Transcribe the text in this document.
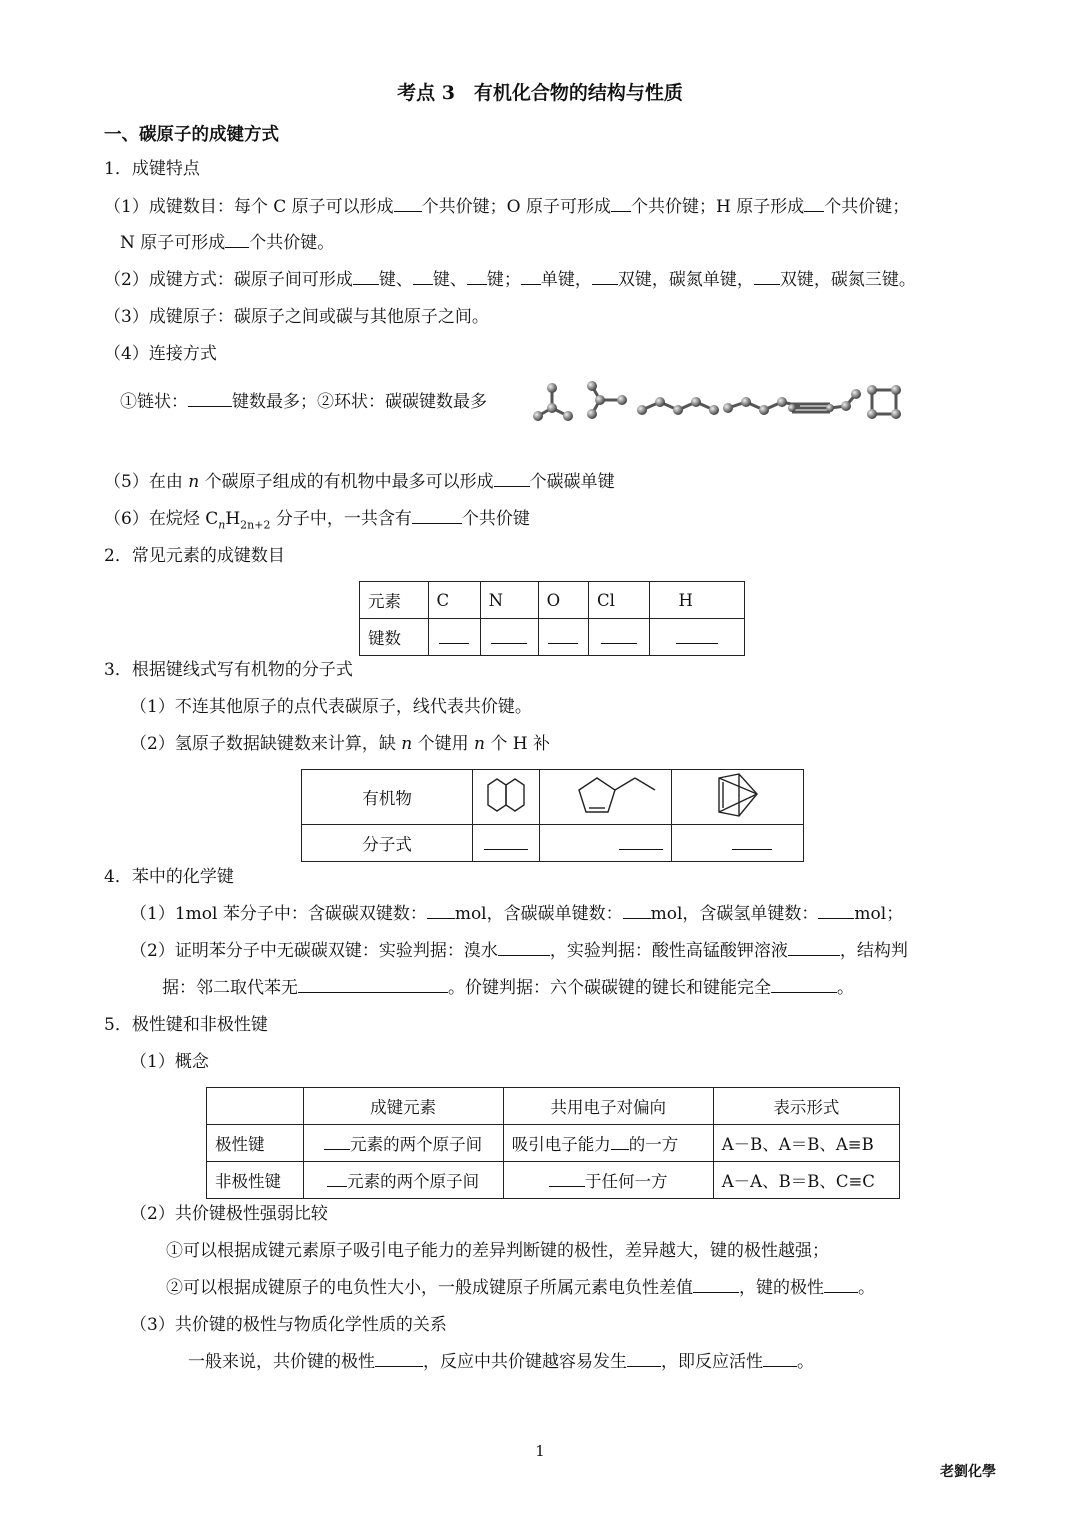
考点 3　有机化合物的结构与性质
一、碳原子的成键方式
1．成键特点
（1）成键数目：每个 C 原子可以形成 个共价键；O 原子可形成 个共价键；H 原子形成 个共价键；
N 原子可形成 个共价键。
（2）成键方式：碳原子间可形成 键、 键、 键； 单键， 双键，碳氮单键， 双键，碳氮三键。
（3）成键原子：碳原子之间或碳与其他原子之间。
（4）连接方式
①链状：	键数最多；②环状：碳碳键数最多
（5）在由 n 个碳原子组成的有机物中最多可以形成 个碳碳单键
（6）在烷烃 $C_nH_{2n+2}$ 分子中，一共含有	个共价键
2．常见元素的成键数目
元素	C	N	O	Cl	H
键数					
3．根据键线式写有机物的分子式
（1）不连其他原子的点代表碳原子，线代表共价键。
（2）氢原子数据缺键数来计算，缺 n 个键用 n 个 H 补
有机物			
分子式			
4．苯中的化学键
（1）1mol 苯分子中：含碳碳双键数： mol，含碳碳单键数： mol，含碳氢单键数： mol；
（2）证明苯分子中无碳碳双键：实验判据：溴水	，实验判据：酸性高锰酸钾溶液	，结构判
据：邻二取代苯无	。价键判据：六个碳碳键的键长和键能完全	。
5．极性键和非极性键
（1）概念
	成键元素	共用电子对偏向	表示形式
极性键	元素的两个原子间	吸引电子能力 的一方	A－B、A＝B、A≡B
非极性键	元素的两个原子间	于任何一方	A－A、B＝B、C≡C
（2）共价键极性强弱比较
①可以根据成键元素原子吸引电子能力的差异判断键的极性，差异越大，键的极性越强；
②可以根据成键原子的电负性大小，一般成键原子所属元素电负性差值	，键的极性 。
（3）共价键的极性与物质化学性质的关系
一般来说，共价键的极性	，反应中共价键越容易发生 ，即反应活性 。
1
老劉化學
